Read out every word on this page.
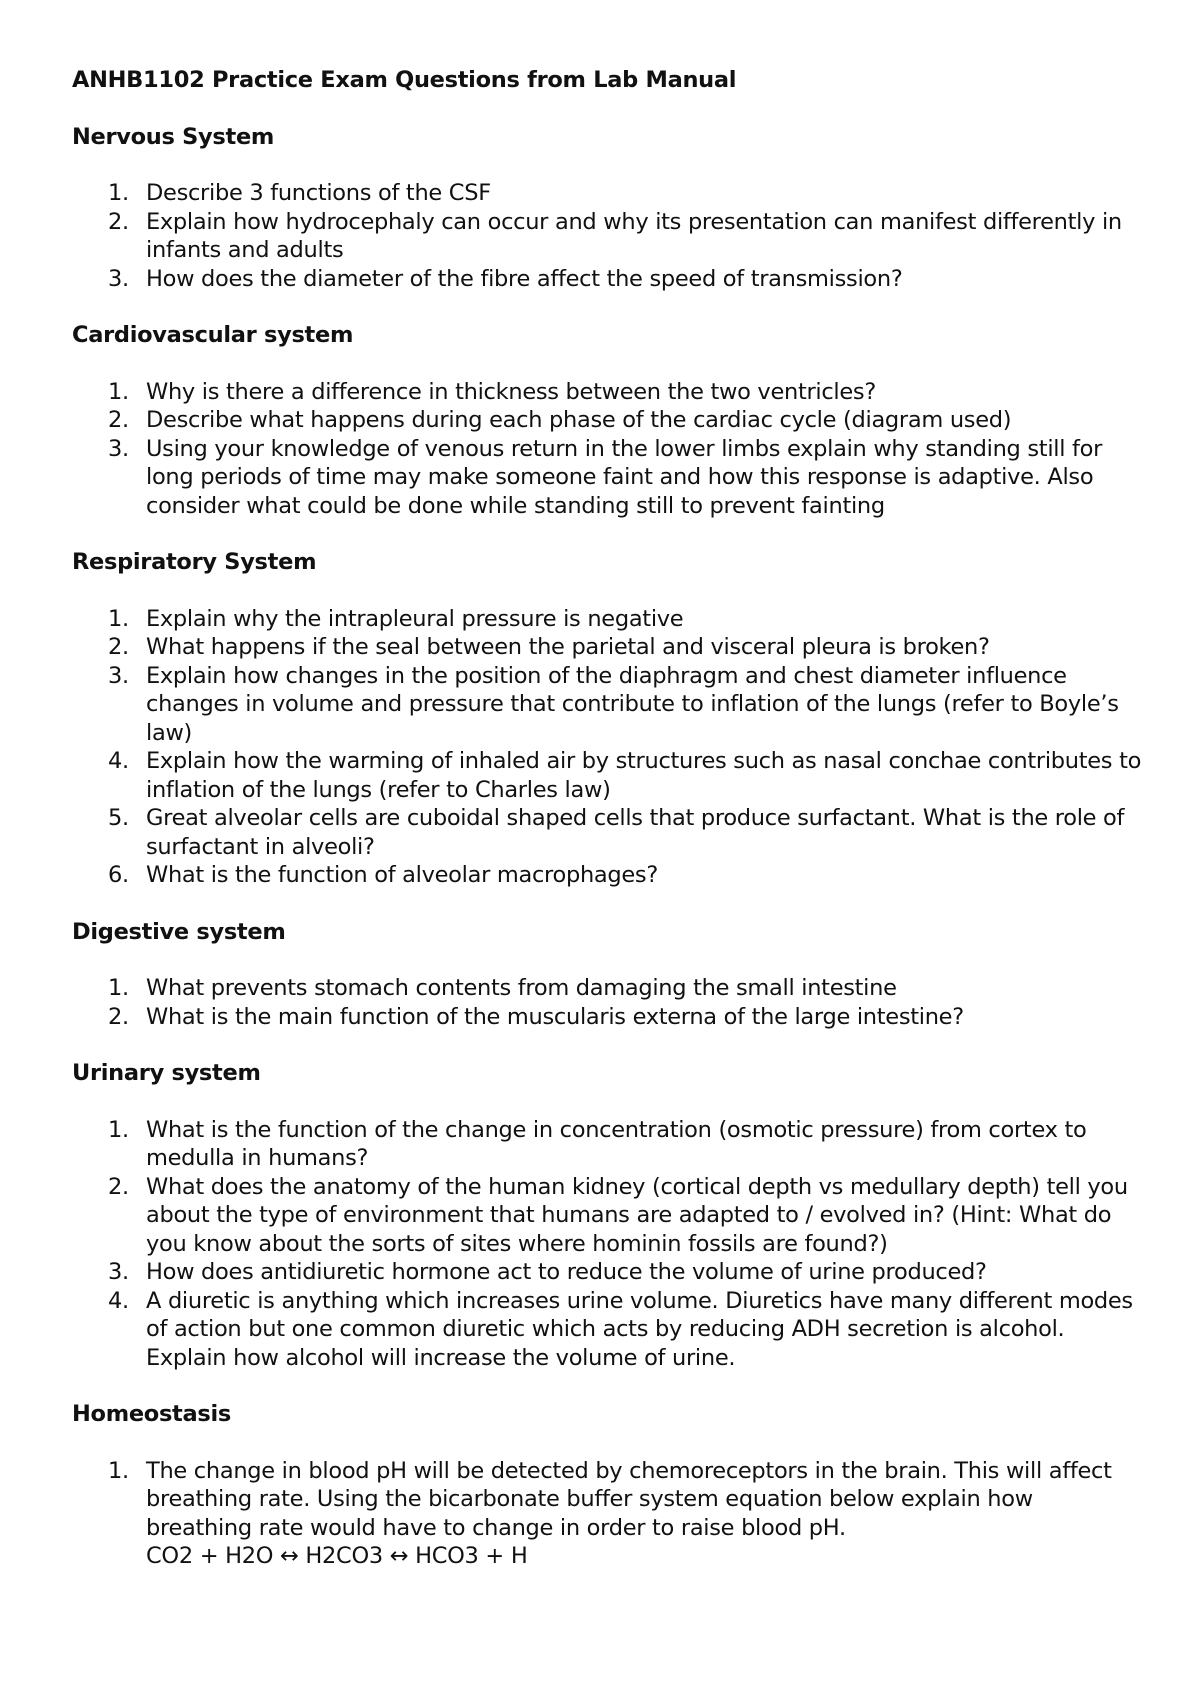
ANHB1102 Practice Exam Questions from Lab Manual
Nervous System
1. Describe 3 functions of the CSF
2. Explain how hydrocephaly can occur and why its presentation can manifest differently in infants and adults
3. How does the diameter of the fibre affect the speed of transmission?
Cardiovascular system
1. Why is there a difference in thickness between the two ventricles?
2. Describe what happens during each phase of the cardiac cycle (diagram used)
3. Using your knowledge of venous return in the lower limbs explain why standing still for long periods of time may make someone faint and how this response is adaptive. Also consider what could be done while standing still to prevent fainting
Respiratory System
1. Explain why the intrapleural pressure is negative
2. What happens if the seal between the parietal and visceral pleura is broken?
3. Explain how changes in the position of the diaphragm and chest diameter influence changes in volume and pressure that contribute to inflation of the lungs (refer to Boyle’s law)
4. Explain how the warming of inhaled air by structures such as nasal conchae contributes to inflation of the lungs (refer to Charles law)
5. Great alveolar cells are cuboidal shaped cells that produce surfactant. What is the role of surfactant in alveoli?
6. What is the function of alveolar macrophages?
Digestive system
1. What prevents stomach contents from damaging the small intestine
2. What is the main function of the muscularis externa of the large intestine?
Urinary system
1. What is the function of the change in concentration (osmotic pressure) from cortex to medulla in humans?
2. What does the anatomy of the human kidney (cortical depth vs medullary depth) tell you about the type of environment that humans are adapted to / evolved in? (Hint: What do you know about the sorts of sites where hominin fossils are found?)
3. How does antidiuretic hormone act to reduce the volume of urine produced?
4. A diuretic is anything which increases urine volume. Diuretics have many different modes of action but one common diuretic which acts by reducing ADH secretion is alcohol. Explain how alcohol will increase the volume of urine.
Homeostasis
1. The change in blood pH will be detected by chemoreceptors in the brain. This will affect breathing rate. Using the bicarbonate buffer system equation below explain how breathing rate would have to change in order to raise blood pH.
CO2 + H2O ↔ H2CO3 ↔ HCO3 + H
